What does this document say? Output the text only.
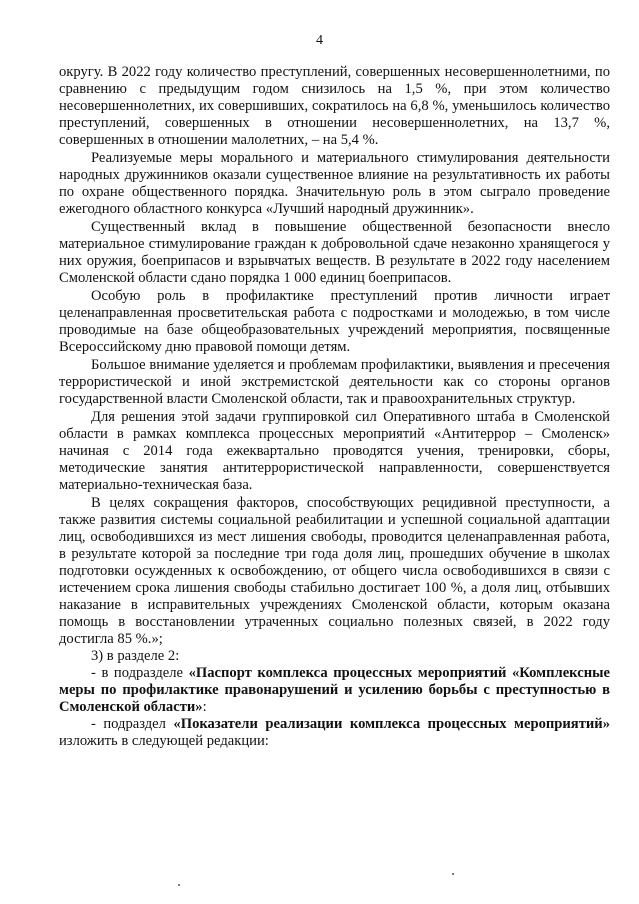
4

округу. В 2022 году количество преступлений, совершенных несовершеннолетними, по сравнению с предыдущим годом снизилось на 1,5 %, при этом количество несовершеннолетних, их совершивших, сократилось на 6,8 %, уменьшилось количество преступлений, совершенных в отношении несовершеннолетних, на 13,7 %, совершенных в отношении малолетних, – на 5,4 %.

Реализуемые меры морального и материального стимулирования деятельности народных дружинников оказали существенное влияние на результативность их работы по охране общественного порядка. Значительную роль в этом сыграло проведение ежегодного областного конкурса «Лучший народный дружинник».

Существенный вклад в повышение общественной безопасности внесло материальное стимулирование граждан к добровольной сдаче незаконно хранящегося у них оружия, боеприпасов и взрывчатых веществ. В результате в 2022 году населением Смоленской области сдано порядка 1 000 единиц боеприпасов.

Особую роль в профилактике преступлений против личности играет целенаправленная просветительская работа с подростками и молодежью, в том числе проводимые на базе общеобразовательных учреждений мероприятия, посвященные Всероссийскому дню правовой помощи детям.

Большое внимание уделяется и проблемам профилактики, выявления и пресечения террористической и иной экстремистской деятельности как со стороны органов государственной власти Смоленской области, так и правоохранительных структур.

Для решения этой задачи группировкой сил Оперативного штаба в Смоленской области в рамках комплекса процессных мероприятий «Антитеррор – Смоленск» начиная с 2014 года ежеквартально проводятся учения, тренировки, сборы, методические занятия антитеррористической направленности, совершенствуется материально-техническая база.

В целях сокращения факторов, способствующих рецидивной преступности, а также развития системы социальной реабилитации и успешной социальной адаптации лиц, освободившихся из мест лишения свободы, проводится целенаправленная работа, в результате которой за последние три года доля лиц, прошедших обучение в школах подготовки осужденных к освобождению, от общего числа освободившихся в связи с истечением срока лишения свободы стабильно достигает 100 %, а доля лиц, отбывших наказание в исправительных учреждениях Смоленской области, которым оказана помощь в восстановлении утраченных социально полезных связей, в 2022 году достигла 85 %.»;

3) в разделе 2:

- в подразделе «Паспорт комплекса процессных мероприятий «Комплексные меры по профилактике правонарушений и усилению борьбы с преступностью в Смоленской области»:

- подраздел «Показатели реализации комплекса процессных мероприятий» изложить в следующей редакции:
